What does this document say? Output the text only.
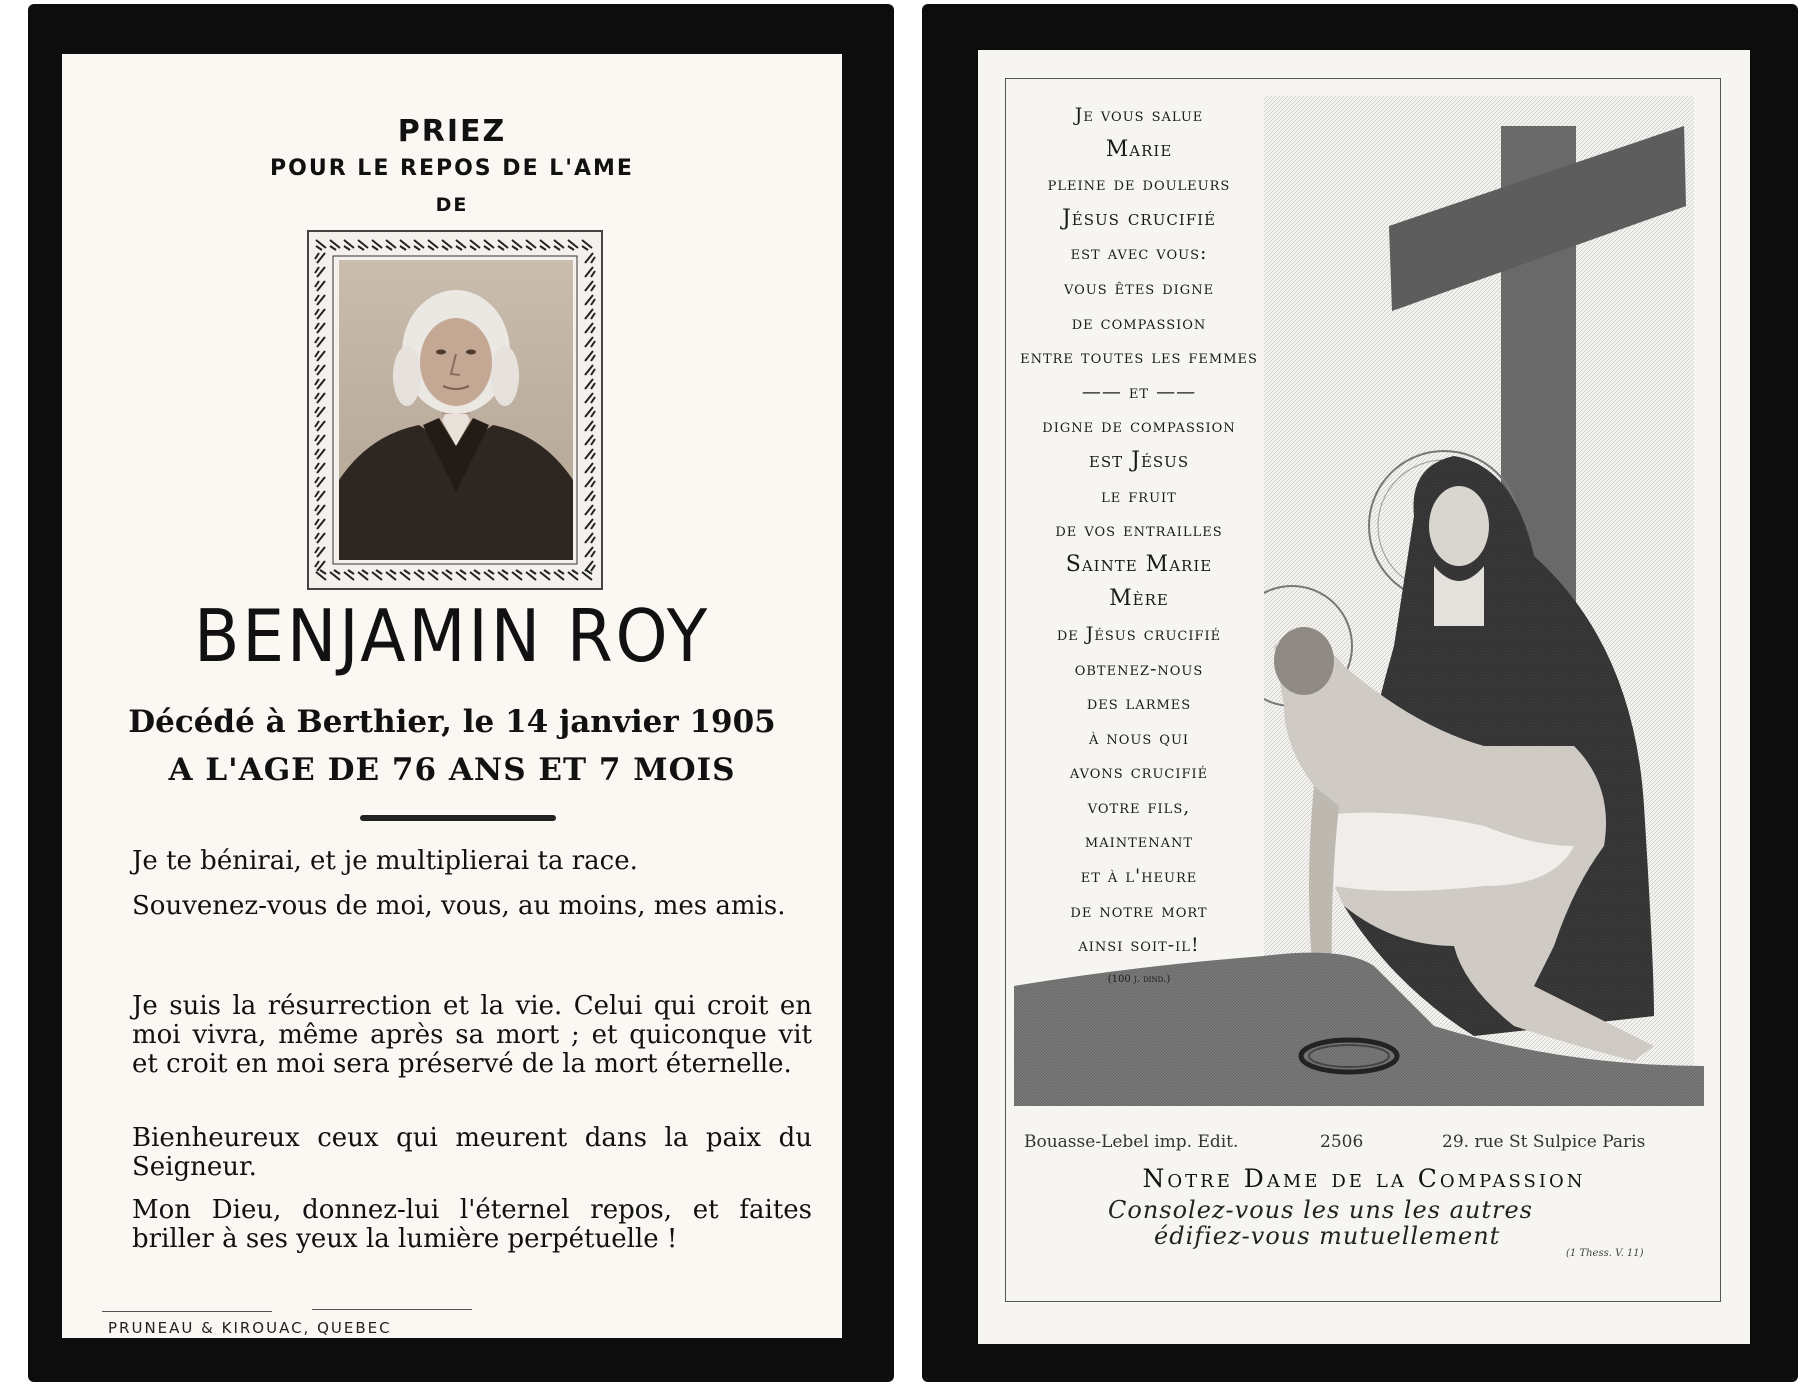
PRIEZ
POUR LE REPOS DE L'AME
DE
BENJAMIN ROY
Décédé à Berthier, le 14 janvier 1905
A L'AGE DE 76 ANS ET 7 MOIS
Je te bénirai, et je multiplierai ta race.
Souvenez-vous de moi, vous, au moins, mes amis.
Je suis la résurrection et la vie. Celui qui croit en moi vivra, même après sa mort ; et quiconque vit et croit en moi sera préservé de la mort éternelle.
Bienheureux ceux qui meurent dans la paix du Seigneur.
Mon Dieu, donnez-lui l'éternel repos, et faites briller à ses yeux la lumière perpétuelle !
PRUNEAU & KIROUAC, QUEBEC
Je vous salue
Marie
pleine de douleurs
Jésus crucifié
est avec vous:
vous êtes digne
de compassion
entre toutes les femmes
—— et ——
digne de compassion
est Jésus
le fruit
de vos entrailles
Sainte Marie
Mère
de Jésus crucifié
obtenez-nous
des larmes
à nous qui
avons crucifié
votre fils,
maintenant
et à l'heure
de notre mort
ainsi soit-il!
(100 j. dind.)
Bouasse-Lebel imp. Edit.	2506	29. rue St Sulpice Paris
Notre Dame de la Compassion
Consolez-vous les uns les autres
édifiez-vous mutuellement
(1 Thess. V. 11)
